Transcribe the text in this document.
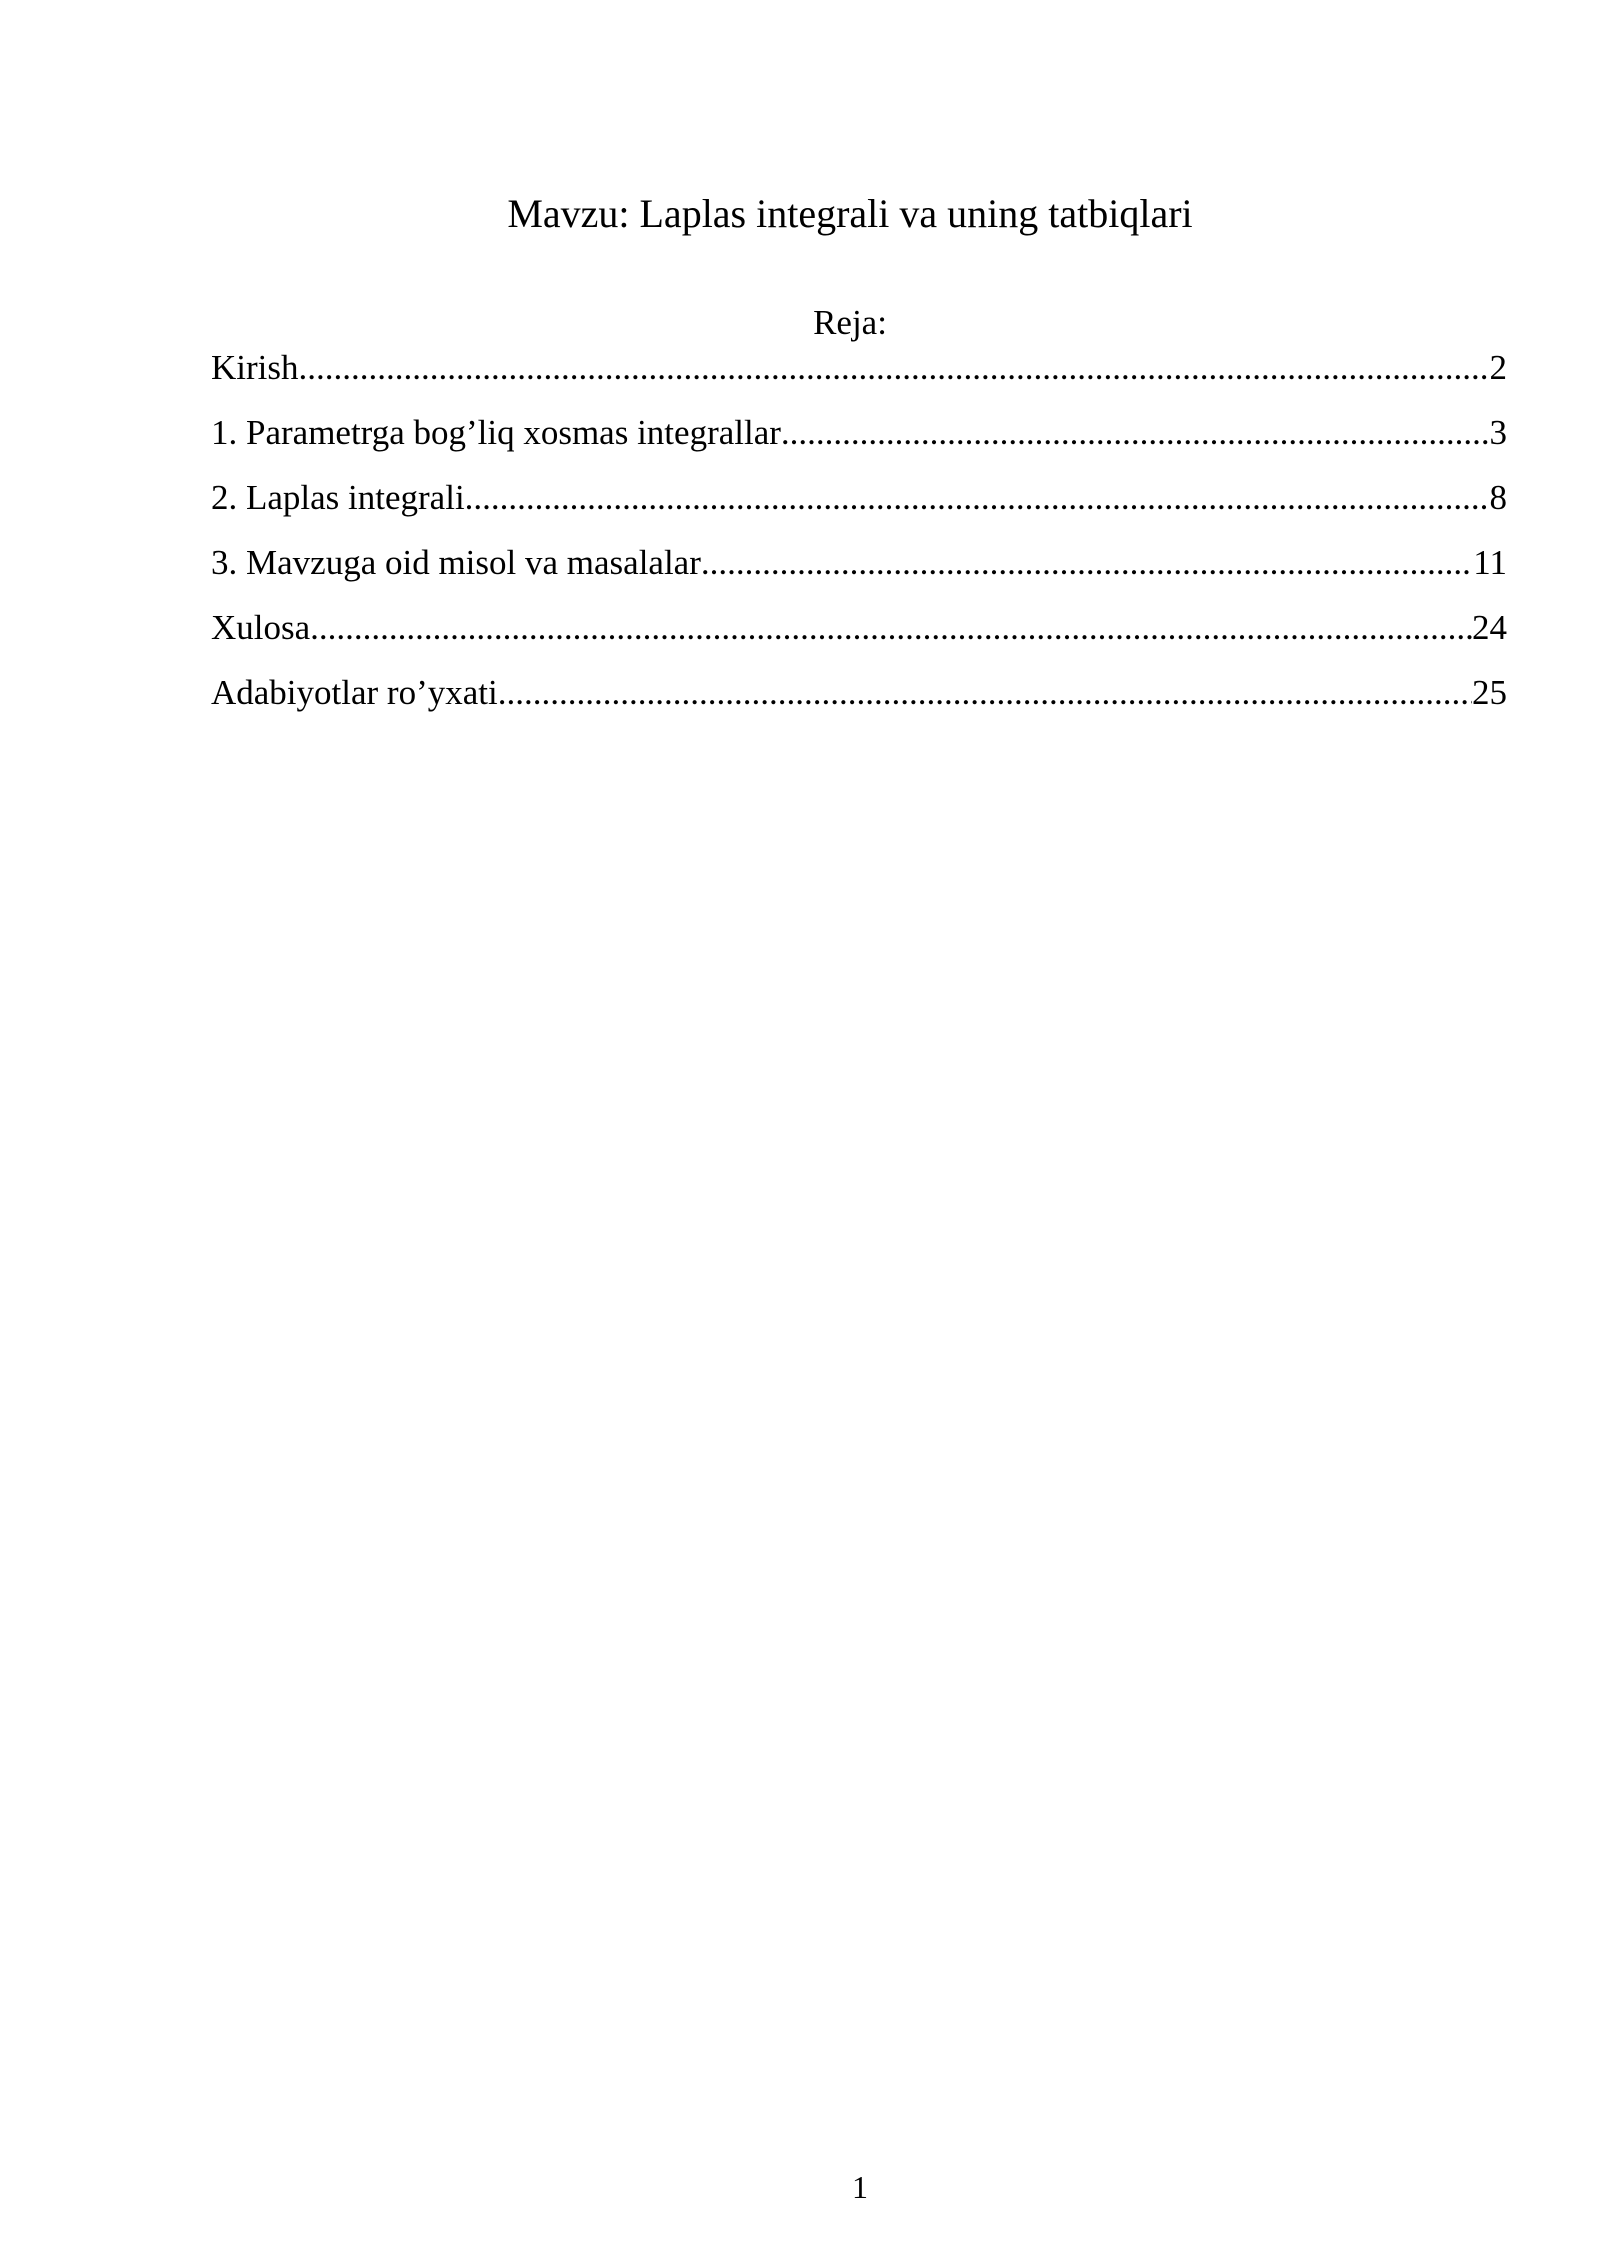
Mavzu: Laplas integrali va uning tatbiqlari
Reja:
Kirish .....	2
1. Parametrga bog’liq xosmas integrallar .....	3
2. Laplas integrali .....	8
3. Mavzuga oid misol va masalalar .....	11
Xulosa .....	24
Adabiyotlar ro’yxati .....	25
1
